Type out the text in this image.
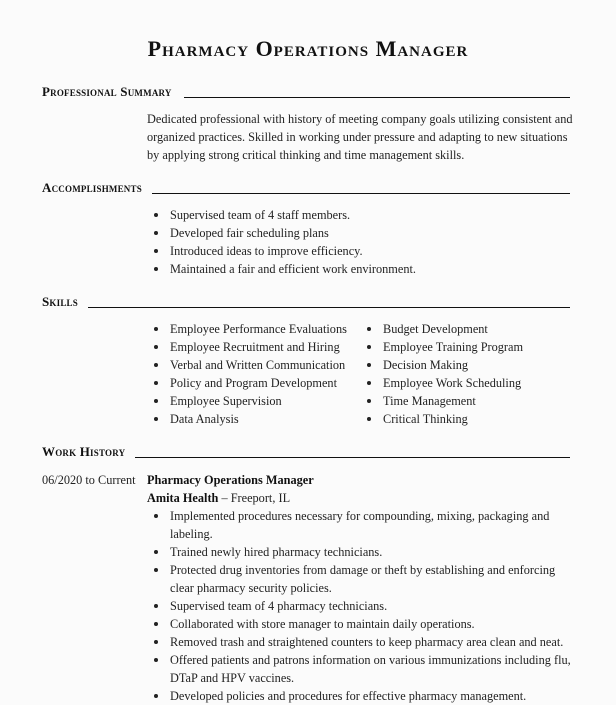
Pharmacy Operations Manager
Professional Summary
Dedicated professional with history of meeting company goals utilizing consistent and organized practices. Skilled in working under pressure and adapting to new situations by applying strong critical thinking and time management skills.
Accomplishments
Supervised team of 4 staff members.
Developed fair scheduling plans
Introduced ideas to improve efficiency.
Maintained a fair and efficient work environment.
Skills
Employee Performance Evaluations
Employee Recruitment and Hiring
Verbal and Written Communication
Policy and Program Development
Employee Supervision
Data Analysis
Budget Development
Employee Training Program
Decision Making
Employee Work Scheduling
Time Management
Critical Thinking
Work History
06/2020 to Current Pharmacy Operations Manager
Amita Health – Freeport, IL
Implemented procedures necessary for compounding, mixing, packaging and labeling.
Trained newly hired pharmacy technicians.
Protected drug inventories from damage or theft by establishing and enforcing clear pharmacy security policies.
Supervised team of 4 pharmacy technicians.
Collaborated with store manager to maintain daily operations.
Removed trash and straightened counters to keep pharmacy area clean and neat.
Offered patients and patrons information on various immunizations including flu, DTaP and HPV vaccines.
Developed policies and procedures for effective pharmacy management.
